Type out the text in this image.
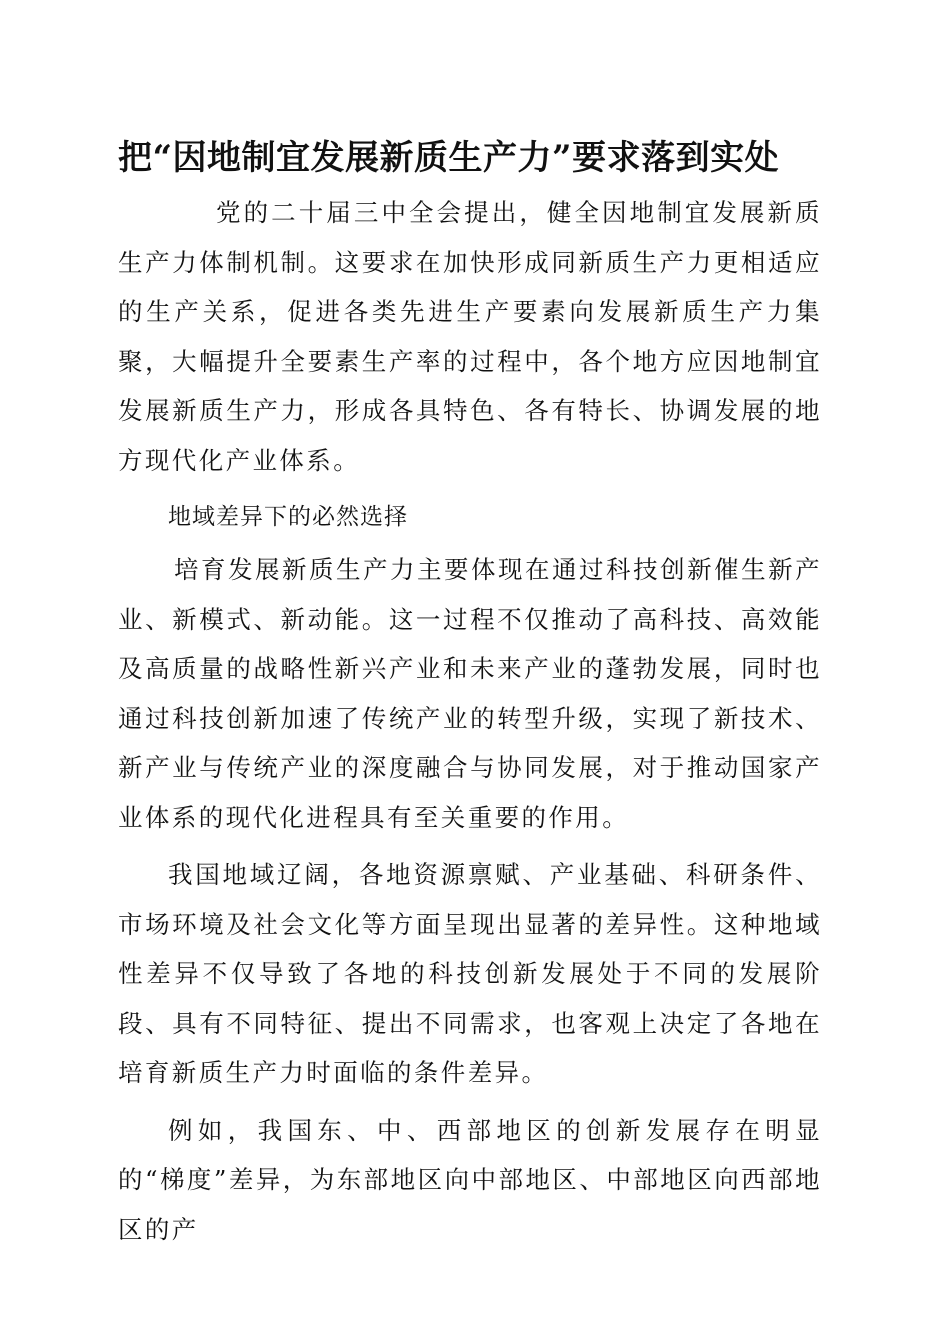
把“因地制宜发展新质生产力”要求落到实处

党的二十届三中全会提出，健全因地制宜发展新质生产力体制机制。这要求在加快形成同新质生产力更相适应的生产关系，促进各类先进生产要素向发展新质生产力集聚，大幅提升全要素生产率的过程中，各个地方应因地制宜发展新质生产力，形成各具特色、各有特长、协调发展的地方现代化产业体系。

地域差异下的必然选择

培育发展新质生产力主要体现在通过科技创新催生新产业、新模式、新动能。这一过程不仅推动了高科技、高效能及高质量的战略性新兴产业和未来产业的蓬勃发展，同时也通过科技创新加速了传统产业的转型升级，实现了新技术、新产业与传统产业的深度融合与协同发展，对于推动国家产业体系的现代化进程具有至关重要的作用。

我国地域辽阔，各地资源禀赋、产业基础、科研条件、市场环境及社会文化等方面呈现出显著的差异性。这种地域性差异不仅导致了各地的科技创新发展处于不同的发展阶段、具有不同特征、提出不同需求，也客观上决定了各地在培育新质生产力时面临的条件差异。

例如，我国东、中、西部地区的创新发展存在明显的“梯度”差异，为东部地区向中部地区、中部地区向西部地区的产
